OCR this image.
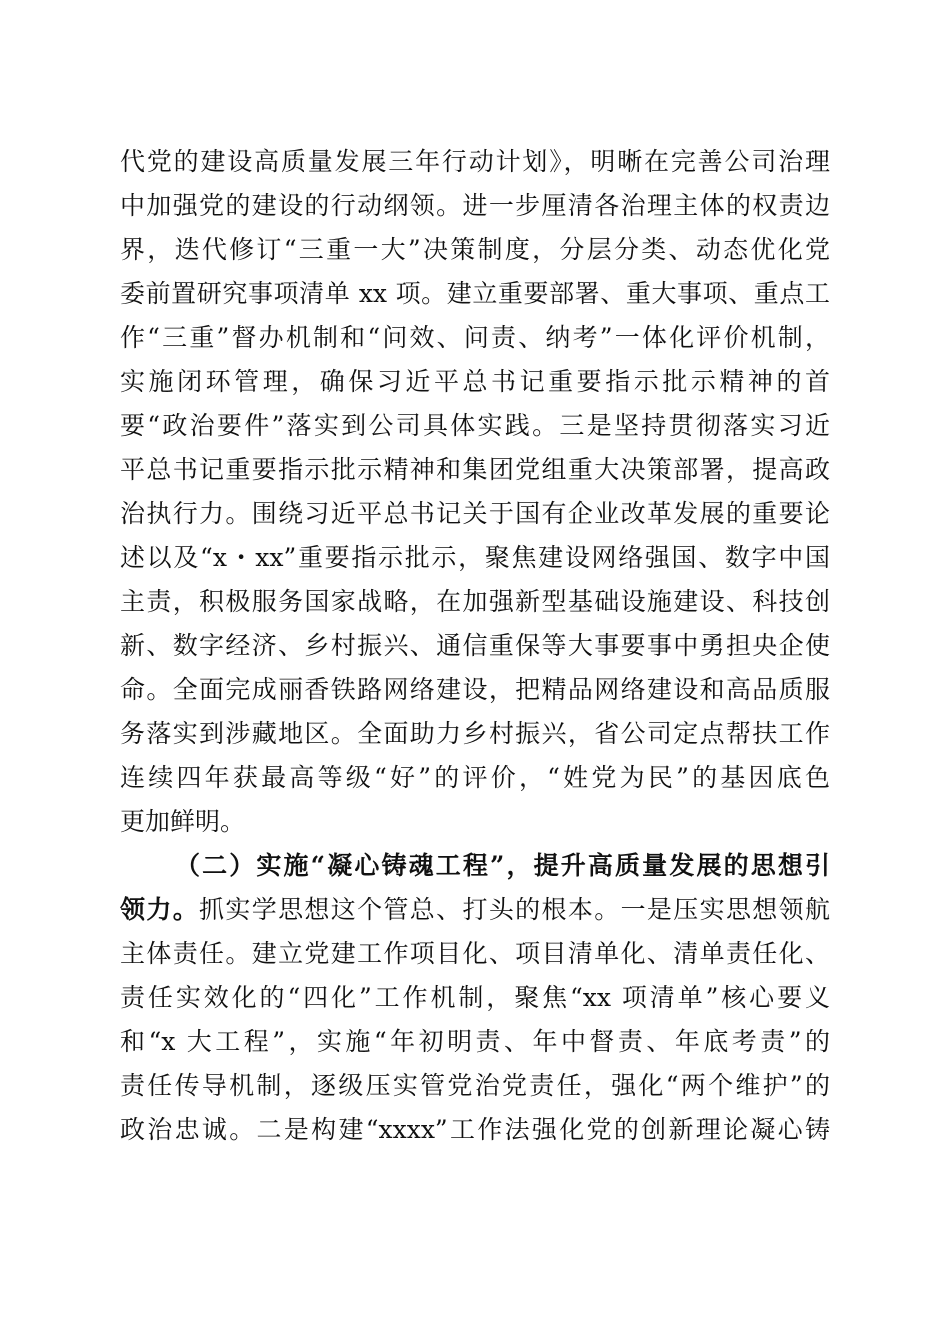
代党的建设高质量发展三年行动计划》，明晰在完善公司治理
中加强党的建设的行动纲领。进一步厘清各治理主体的权责边
界，迭代修订“三重一大”决策制度，分层分类、动态优化党
委前置研究事项清单 xx 项。建立重要部署、重大事项、重点工
作“三重”督办机制和“问效、问责、纳考”一体化评价机制，
实施闭环管理，确保习近平总书记重要指示批示精神的首
要“政治要件”落实到公司具体实践。三是坚持贯彻落实习近
平总书记重要指示批示精神和集团党组重大决策部署，提高政
治执行力。围绕习近平总书记关于国有企业改革发展的重要论
述以及“x・xx”重要指示批示，聚焦建设网络强国、数字中国
主责，积极服务国家战略，在加强新型基础设施建设、科技创
新、数字经济、乡村振兴、通信重保等大事要事中勇担央企使
命。全面完成丽香铁路网络建设，把精品网络建设和高品质服
务落实到涉藏地区。全面助力乡村振兴，省公司定点帮扶工作
连续四年获最高等级“好”的评价，“姓党为民”的基因底色
更加鲜明。
（二）实施“凝心铸魂工程”，提升高质量发展的思想引
领力。抓实学思想这个管总、打头的根本。一是压实思想领航
主体责任。建立党建工作项目化、项目清单化、清单责任化、
责任实效化的“四化”工作机制，聚焦“xx 项清单”核心要义
和“x 大工程”，实施“年初明责、年中督责、年底考责”的
责任传导机制，逐级压实管党治党责任，强化“两个维护”的
政治忠诚。二是构建“xxxx”工作法强化党的创新理论凝心铸
